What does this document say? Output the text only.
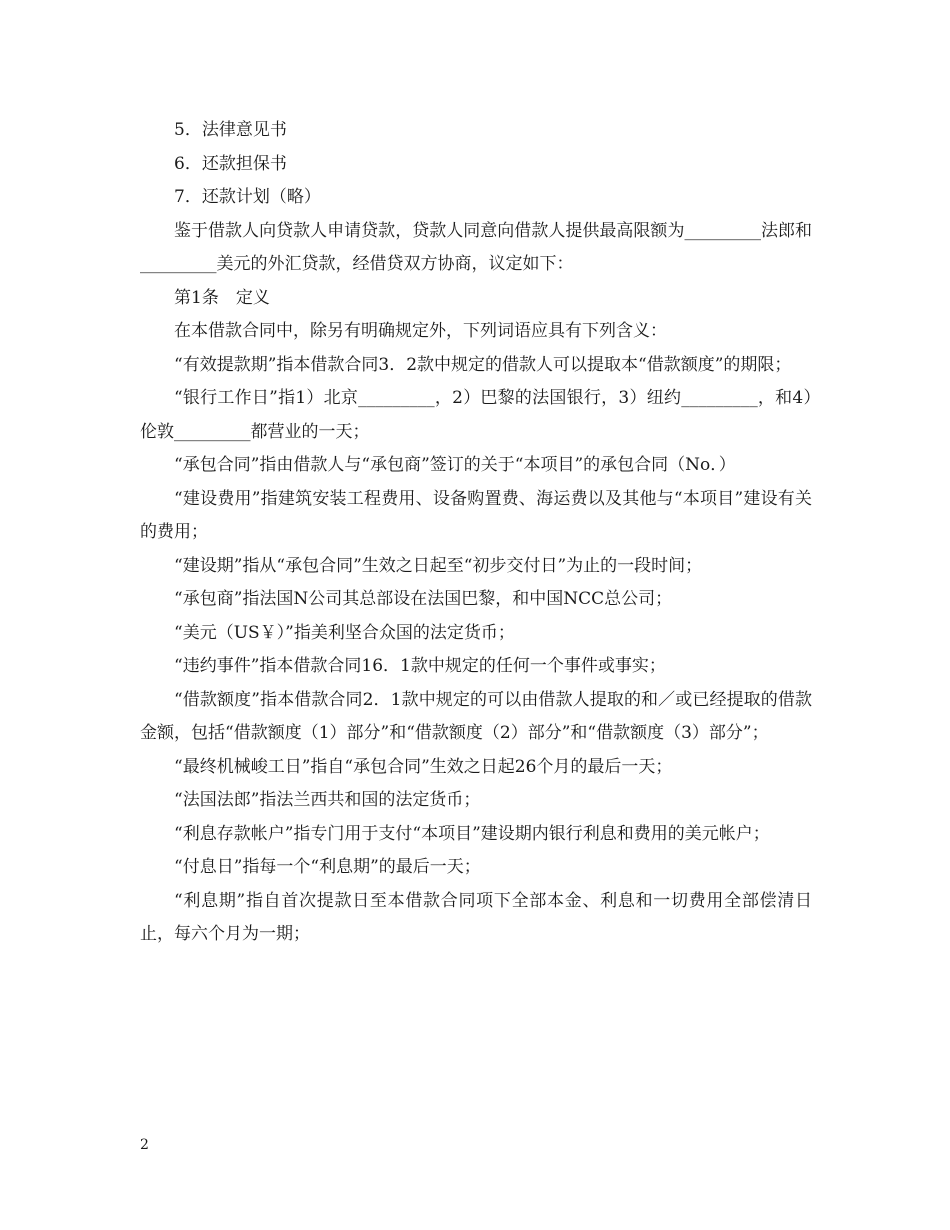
5．法律意见书

6．还款担保书

7．还款计划（略）

鉴于借款人向贷款人申请贷款，贷款人同意向借款人提供最高限额为_________法郎和_________美元的外汇贷款，经借贷双方协商，议定如下：

第1条　定义

在本借款合同中，除另有明确规定外，下列词语应具有下列含义：

“有效提款期”指本借款合同3．2款中规定的借款人可以提取本“借款额度”的期限；

“银行工作日”指1）北京_________，2）巴黎的法国银行，3）纽约_________，和4）伦敦_________都营业的一天；

“承包合同”指由借款人与“承包商”签订的关于“本项目”的承包合同（No．）

“建设费用”指建筑安装工程费用、设备购置费、海运费以及其他与“本项目”建设有关的费用；

“建设期”指从“承包合同”生效之日起至“初步交付日”为止的一段时间；

“承包商”指法国N公司其总部设在法国巴黎，和中国NCC总公司；

“美元（US￥）”指美利坚合众国的法定货币；

“违约事件”指本借款合同16．1款中规定的任何一个事件或事实；

“借款额度”指本借款合同2．1款中规定的可以由借款人提取的和／或已经提取的借款金额，包括“借款额度（1）部分”和“借款额度（2）部分”和“借款额度（3）部分”；

“最终机械峻工日”指自“承包合同”生效之日起26个月的最后一天；

“法国法郎”指法兰西共和国的法定货币；

“利息存款帐户”指专门用于支付“本项目”建设期内银行利息和费用的美元帐户；

“付息日”指每一个“利息期”的最后一天；

“利息期”指自首次提款日至本借款合同项下全部本金、利息和一切费用全部偿清日止，每六个月为一期；

2
